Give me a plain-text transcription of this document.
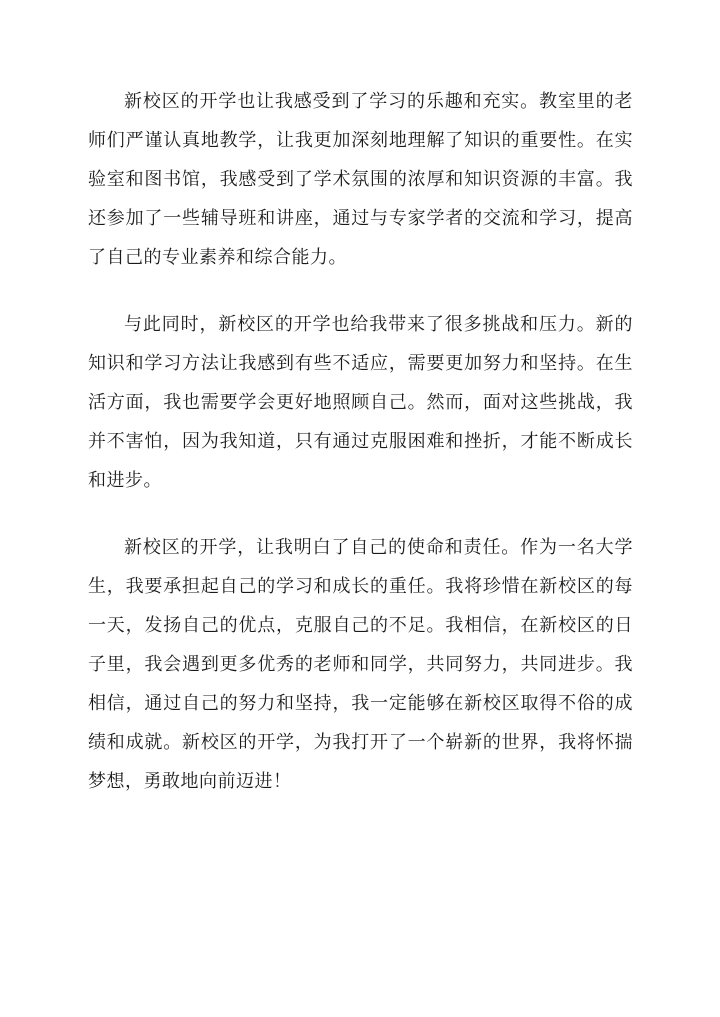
新校区的开学也让我感受到了学习的乐趣和充实。教室里的老
师们严谨认真地教学，让我更加深刻地理解了知识的重要性。在实
验室和图书馆，我感受到了学术氛围的浓厚和知识资源的丰富。我
还参加了一些辅导班和讲座，通过与专家学者的交流和学习，提高
了自己的专业素养和综合能力。
与此同时，新校区的开学也给我带来了很多挑战和压力。新的
知识和学习方法让我感到有些不适应，需要更加努力和坚持。在生
活方面，我也需要学会更好地照顾自己。然而，面对这些挑战，我
并不害怕，因为我知道，只有通过克服困难和挫折，才能不断成长
和进步。
新校区的开学，让我明白了自己的使命和责任。作为一名大学
生，我要承担起自己的学习和成长的重任。我将珍惜在新校区的每
一天，发扬自己的优点，克服自己的不足。我相信，在新校区的日
子里，我会遇到更多优秀的老师和同学，共同努力，共同进步。我
相信，通过自己的努力和坚持，我一定能够在新校区取得不俗的成
绩和成就。新校区的开学，为我打开了一个崭新的世界，我将怀揣
梦想，勇敢地向前迈进！
